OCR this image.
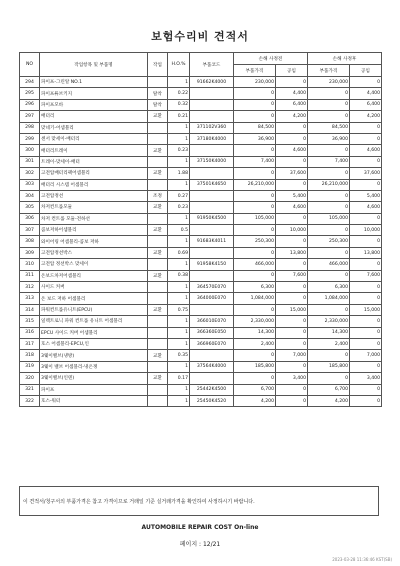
보험수리비 견적서
NO	작업항목 및 부품명	작업	H.O.%	부품코드	손해 사정전		손해 사정후	
					부품가격	공임	부품가격	공임
294	파이프-그린알 NO.1		1	91662K4000	230,000	0	230,000	0
295	파이프튜브키지	탈착	0.22		0	4,400	0	4,400
296	파이프모바	탈착	0.32		0	6,400	0	6,400
297	배터리	교환	0.21		0	4,200	0	4,200
298	맞네기-어셈블리		1	371102V360	84,500	0	84,500	0
299	센서 맞세이-배터리		1	37180K4000	36,900	0	36,900	0
300	배터리트레이	교환	0.23		0	4,600	0	4,600
301	트레이-맞세이-배터		1	37150K4000	7,400	0	7,400	0
302	고전압배터리팩어셈블리	교환	1.88		0	37,600	0	37,600
303	배터리 시스템 어셈블리		1	37501K4650	26,210,000	0	26,210,000	0
304	고전압정션	조정	0.27		0	5,400	0	5,400
305	차저컨트롤모듈	교환	0.23		0	4,600	0	4,600
306	차저 컨트롤 모듈-전하션		1	91950K4500	105,000	0	105,000	0
307	콤보저하어셈블리	교환	0.5		0	10,000	0	10,000
308	와이어링 어셈블리-콤보 저하		1	91683K4011	250,300	0	250,300	0
309	고전압정션박스	교환	0.69		0	13,800	0	13,800
310	고전압 정션박스 맞세이		1	91958K4150	466,000	0	466,000	0
311	온보드차저어셈블리	교환	0.38		0	7,600	0	7,600
312	사이드 커버		1	364570E070	6,300	0	6,300	0
313	온 보드 저하 어셈블리		1	364000E070	1,084,000	0	1,084,000	0
314	파워컨트롤유니트(EPCU)	교환	0.75		0	15,000	0	15,000
315	일렉트로닉 파워 컨트롤 유니트 어셈블리		1	366010E070	2,330,000	0	2,330,000	0
316	EPCU 사이드 커버 어셈블리		1	366360E050	14,300	0	14,300	0
317	호스 어셈블리-EPCU,인		1	366960E070	2,400	0	2,400	0
318	3웨이밸브(냉방)	교환	0.35		0	7,000	0	7,000
319	3웨이 밸브 어셈블리-냉온쟁		1	37564K4000	185,800	0	185,800	0
320	3웨이밸브(인덴)	교환	0.17		0	3,400	0	3,400
321	파이프		1	25442K4500	6,700	0	6,700	0
322	호스-워터		1	25450K4520	4,200	0	4,200	0
이 견적서/청구서의 부품가격은 참고 가격이므로 거래일 기준 실거래가격을 확인하여 사정하시기 바랍니다.
AUTOMOBILE REPAIR COST On-line
페이지 : 12/21
2023-03-28 11:36:46 KST(SB)
